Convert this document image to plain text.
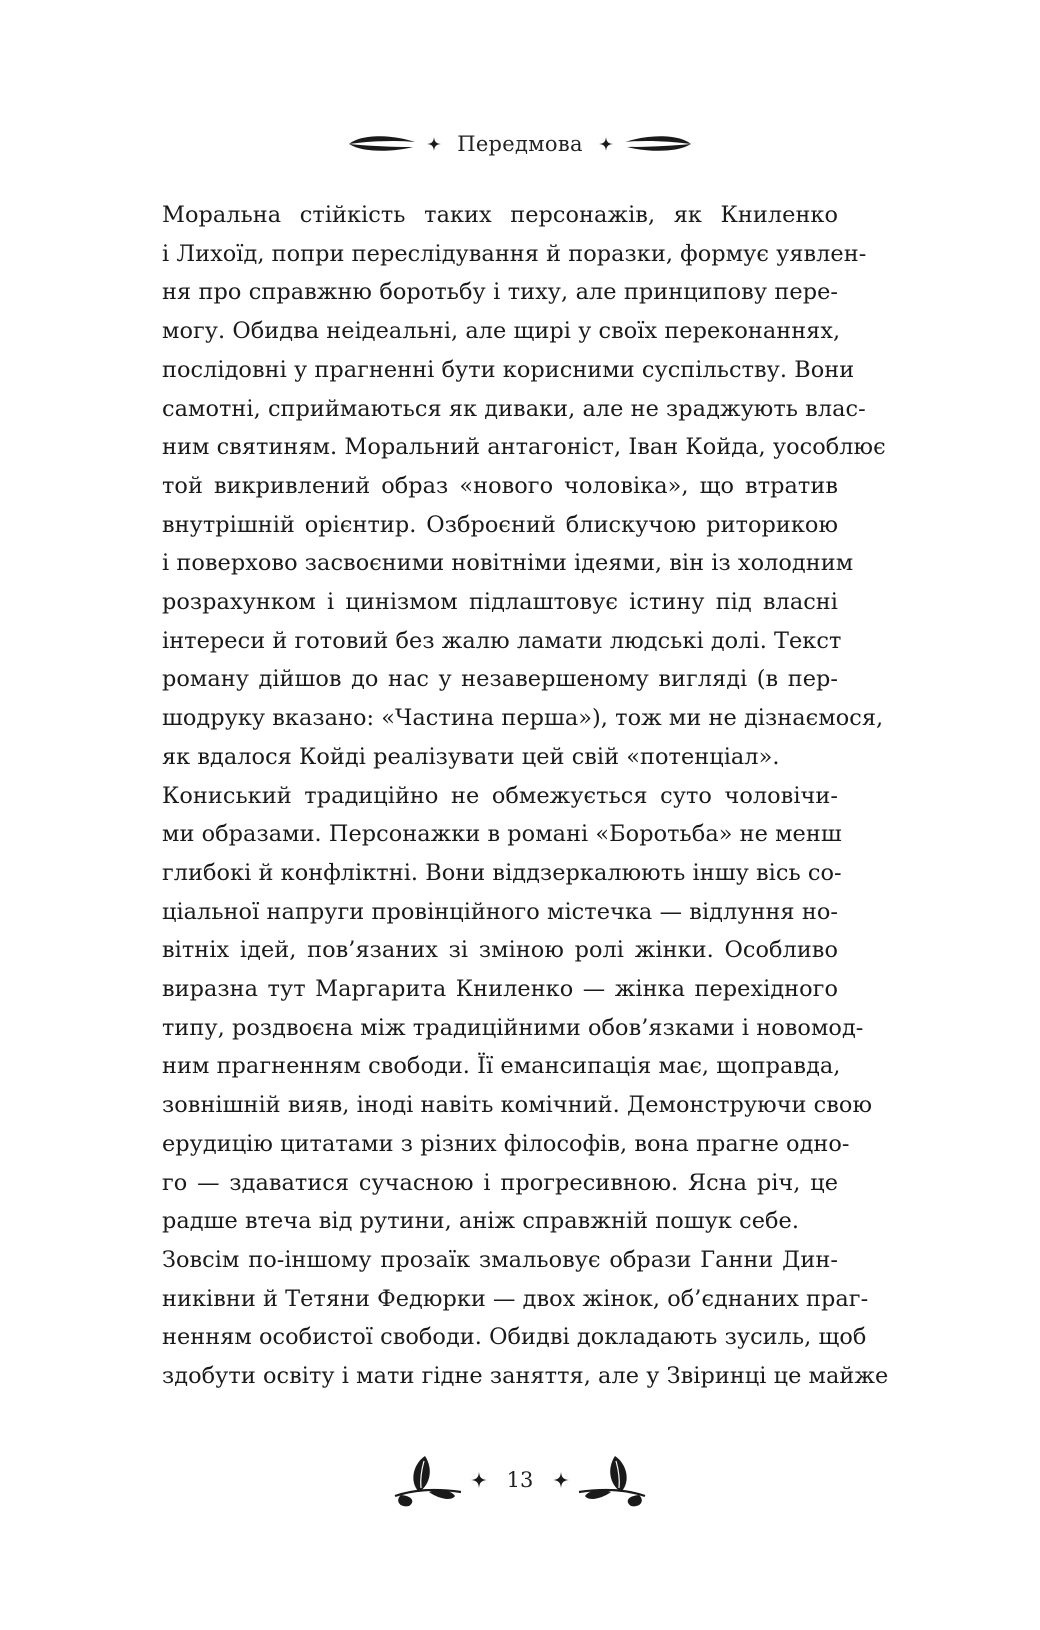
Передмова

Моральна стійкість таких персонажів, як Книленко
і Лихоїд, попри переслідування й поразки, формує уявлен-
ня про справжню боротьбу і тиху, але принципову пере-
могу. Обидва неідеальні, але щирі у своїх переконаннях,
послідовні у прагненні бути корисними суспільству. Вони
самотні, сприймаються як диваки, але не зраджують влас-
ним святиням. Моральний антагоніст, Іван Койда, уособлює
той викривлений образ «нового чоловіка», що втратив
внутрішній орієнтир. Озброєний блискучою риторикою
і поверхово засвоєними новітніми ідеями, він із холодним
розрахунком і цинізмом підлаштовує істину під власні
інтереси й готовий без жалю ламати людські долі. Текст
роману дійшов до нас у незавершеному вигляді (в пер-
шодруку вказано: «Частина перша»), тож ми не дізнаємося,
як вдалося Койді реалізувати цей свій «потенціал».

Кониський традиційно не обмежується суто чоловічи-
ми образами. Персонажки в романі «Боротьба» не менш
глибокі й конфліктні. Вони віддзеркалюють іншу вісь со-
ціальної напруги провінційного містечка — відлуння но-
вітніх ідей, пов’язаних зі зміною ролі жінки. Особливо
виразна тут Маргарита Книленко — жінка перехідного
типу, роздвоєна між традиційними обов’язками і новомод-
ним прагненням свободи. Її емансипація має, щоправда,
зовнішній вияв, іноді навіть комічний. Демонструючи свою
ерудицію цитатами з різних філософів, вона прагне одно-
го — здаватися сучасною і прогресивною. Ясна річ, це
радше втеча від рутини, аніж справжній пошук себе.

Зовсім по-іншому прозаїк змальовує образи Ганни Дин-
никівни й Тетяни Федюрки — двох жінок, об’єднаних праг-
ненням особистої свободи. Обидві докладають зусиль, щоб
здобути освіту і мати гідне заняття, але у Звіринці це майже

13
